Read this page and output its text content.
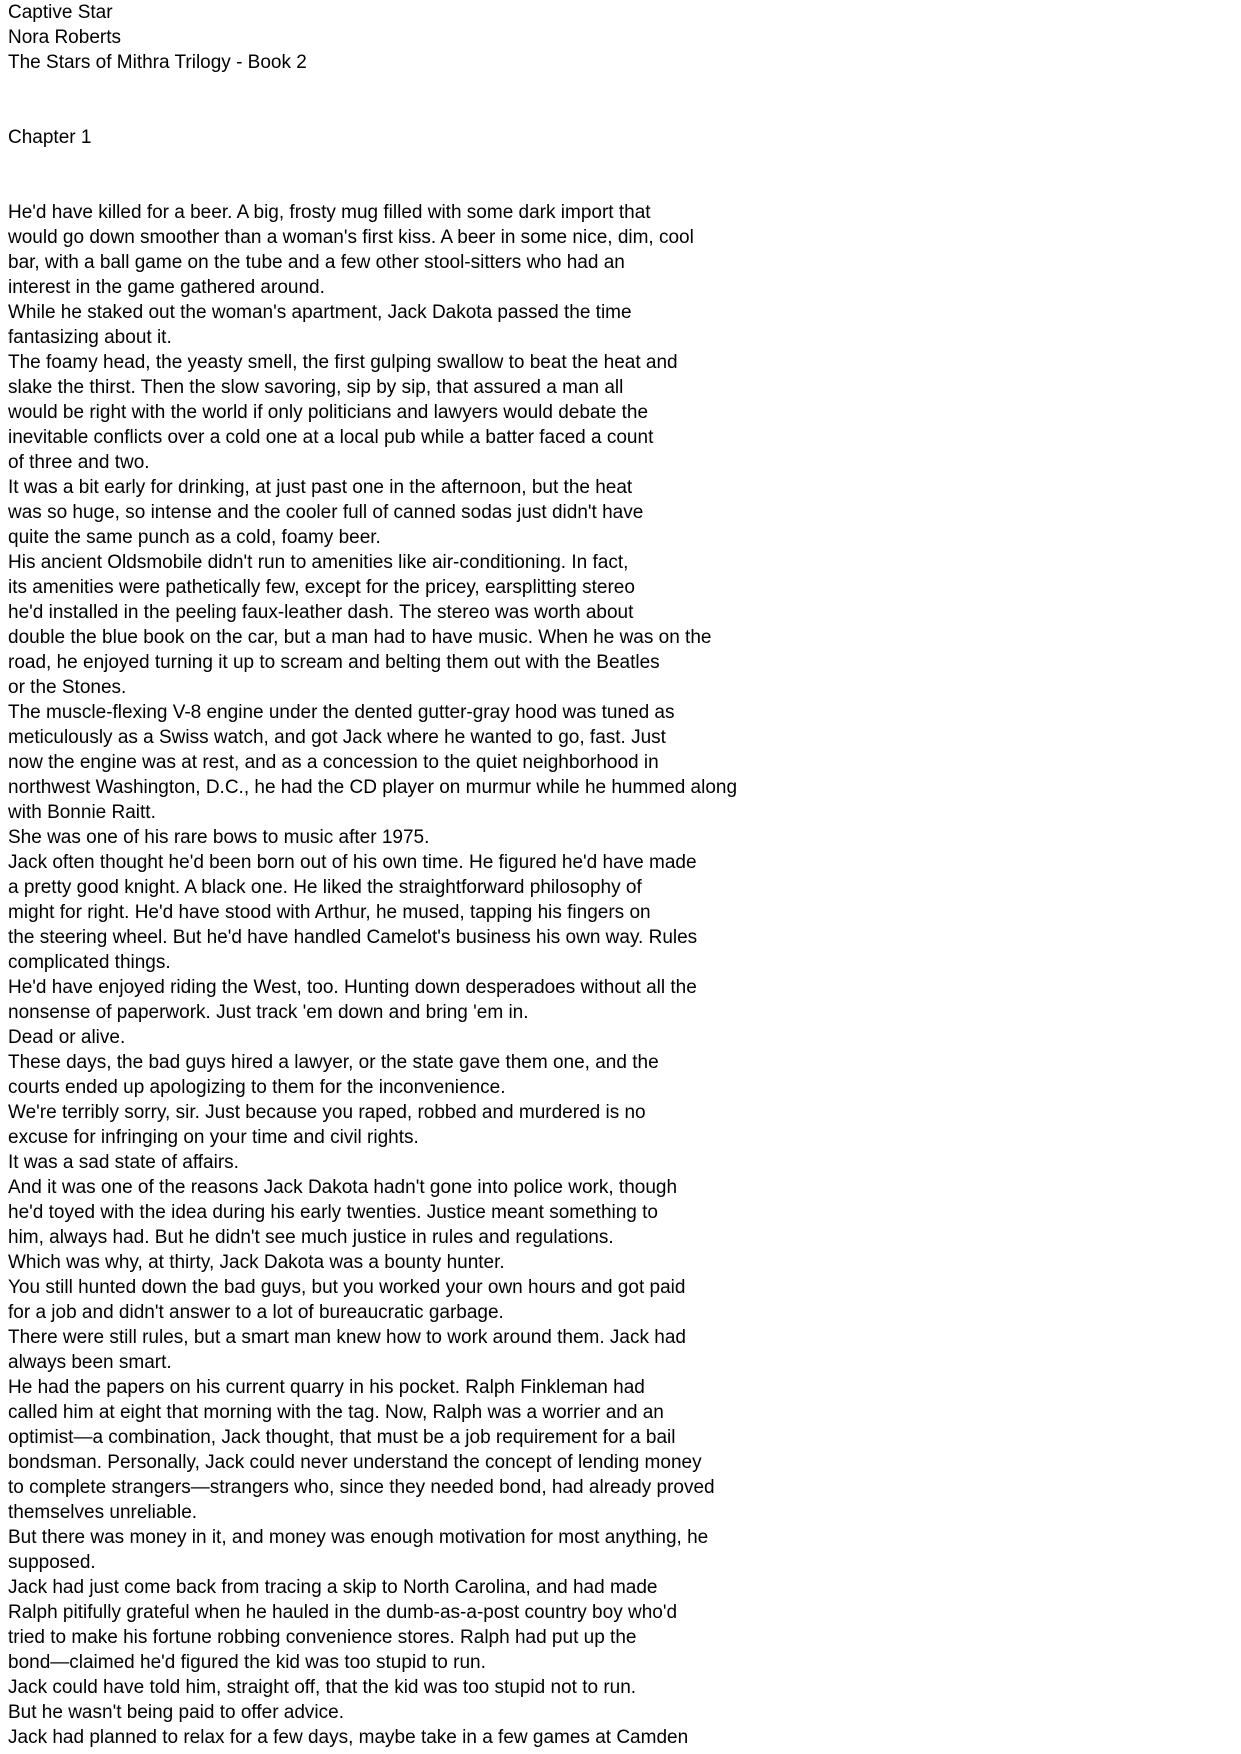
Captive Star
Nora Roberts
The Stars of Mithra Trilogy - Book 2
Chapter 1
He'd have killed for a beer. A big, frosty mug filled with some dark import that
would go down smoother than a woman's first kiss. A beer in some nice, dim, cool
bar, with a ball game on the tube and a few other stool-sitters who had an
interest in the game gathered around.
While he staked out the woman's apartment, Jack Dakota passed the time
fantasizing about it.
The foamy head, the yeasty smell, the first gulping swallow to beat the heat and
slake the thirst. Then the slow savoring, sip by sip, that assured a man all
would be right with the world if only politicians and lawyers would debate the
inevitable conflicts over a cold one at a local pub while a batter faced a count
of three and two.
It was a bit early for drinking, at just past one in the afternoon, but the heat
was so huge, so intense and the cooler full of canned sodas just didn't have
quite the same punch as a cold, foamy beer.
His ancient Oldsmobile didn't run to amenities like air-conditioning. In fact,
its amenities were pathetically few, except for the pricey, earsplitting stereo
he'd installed in the peeling faux-leather dash. The stereo was worth about
double the blue book on the car, but a man had to have music. When he was on the
road, he enjoyed turning it up to scream and belting them out with the Beatles
or the Stones.
The muscle-flexing V-8 engine under the dented gutter-gray hood was tuned as
meticulously as a Swiss watch, and got Jack where he wanted to go, fast. Just
now the engine was at rest, and as a concession to the quiet neighborhood in
northwest Washington, D.C., he had the CD player on murmur while he hummed along
with Bonnie Raitt.
She was one of his rare bows to music after 1975.
Jack often thought he'd been born out of his own time. He figured he'd have made
a pretty good knight. A black one. He liked the straightforward philosophy of
might for right. He'd have stood with Arthur, he mused, tapping his fingers on
the steering wheel. But he'd have handled Camelot's business his own way. Rules
complicated things.
He'd have enjoyed riding the West, too. Hunting down desperadoes without all the
nonsense of paperwork. Just track 'em down and bring 'em in.
Dead or alive.
These days, the bad guys hired a lawyer, or the state gave them one, and the
courts ended up apologizing to them for the inconvenience.
We're terribly sorry, sir. Just because you raped, robbed and murdered is no
excuse for infringing on your time and civil rights.
It was a sad state of affairs.
And it was one of the reasons Jack Dakota hadn't gone into police work, though
he'd toyed with the idea during his early twenties. Justice meant something to
him, always had. But he didn't see much justice in rules and regulations.
Which was why, at thirty, Jack Dakota was a bounty hunter.
You still hunted down the bad guys, but you worked your own hours and got paid
for a job and didn't answer to a lot of bureaucratic garbage.
There were still rules, but a smart man knew how to work around them. Jack had
always been smart.
He had the papers on his current quarry in his pocket. Ralph Finkleman had
called him at eight that morning with the tag. Now, Ralph was a worrier and an
optimist—a combination, Jack thought, that must be a job requirement for a bail
bondsman. Personally, Jack could never understand the concept of lending money
to complete strangers—strangers who, since they needed bond, had already proved
themselves unreliable.
But there was money in it, and money was enough motivation for most anything, he
supposed.
Jack had just come back from tracing a skip to North Carolina, and had made
Ralph pitifully grateful when he hauled in the dumb-as-a-post country boy who'd
tried to make his fortune robbing convenience stores. Ralph had put up the
bond—claimed he'd figured the kid was too stupid to run.
Jack could have told him, straight off, that the kid was too stupid not to run.
But he wasn't being paid to offer advice.
Jack had planned to relax for a few days, maybe take in a few games at Camden
